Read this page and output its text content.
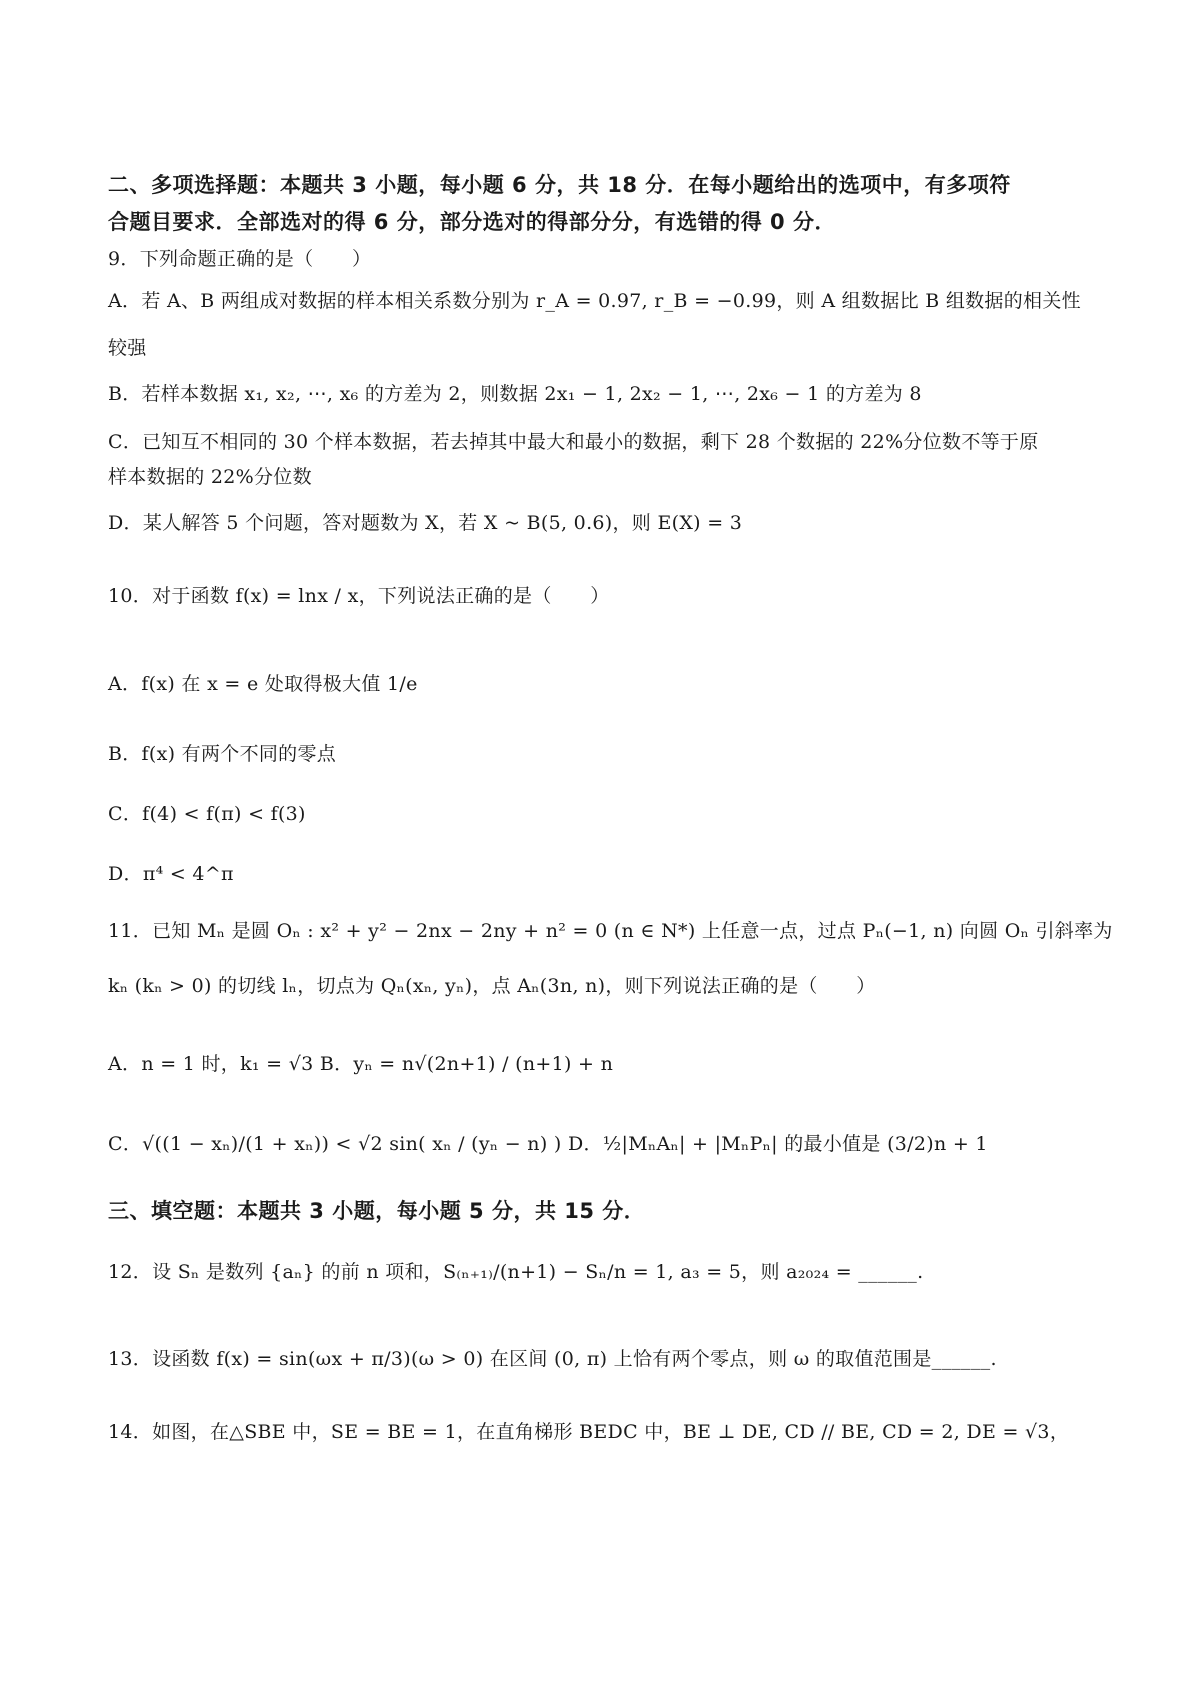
二、多项选择题：本题共 3 小题，每小题 6 分，共 18 分．在每小题给出的选项中，有多项符
合题目要求．全部选对的得 6 分，部分选对的得部分分，有选错的得 0 分．
9．下列命题正确的是（　　）
A．若 A、B 两组成对数据的样本相关系数分别为 r_A = 0.97, r_B = −0.99，则 A 组数据比 B 组数据的相关性
较强
B．若样本数据 x₁, x₂, ⋯, x₆ 的方差为 2，则数据 2x₁ − 1, 2x₂ − 1, ⋯, 2x₆ − 1 的方差为 8
C．已知互不相同的 30 个样本数据，若去掉其中最大和最小的数据，剩下 28 个数据的 22%分位数不等于原
样本数据的 22%分位数
D．某人解答 5 个问题，答对题数为 X，若 X ~ B(5, 0.6)，则 E(X) = 3
10．对于函数 f(x) = lnx / x，下列说法正确的是（　　）
A．f(x) 在 x = e 处取得极大值 1/e
B．f(x) 有两个不同的零点
C．f(4) < f(π) < f(3)
D．π⁴ < 4^π
11．已知 Mₙ 是圆 Oₙ : x² + y² − 2nx − 2ny + n² = 0 (n ∈ N*) 上任意一点，过点 Pₙ(−1, n) 向圆 Oₙ 引斜率为
kₙ (kₙ > 0) 的切线 lₙ，切点为 Qₙ(xₙ, yₙ)，点 Aₙ(3n, n)，则下列说法正确的是（　　）
A．n = 1 时，k₁ = √3 B．yₙ = n√(2n+1) / (n+1) + n
C．√((1 − xₙ)/(1 + xₙ)) < √2 sin( xₙ / (yₙ − n) ) D．½|MₙAₙ| + |MₙPₙ| 的最小值是 (3/2)n + 1
三、填空题：本题共 3 小题，每小题 5 分，共 15 分．
12．设 Sₙ 是数列 {aₙ} 的前 n 项和，S₍ₙ₊₁₎/(n+1) − Sₙ/n = 1, a₃ = 5，则 a₂₀₂₄ = ______.
13．设函数 f(x) = sin(ωx + π/3)(ω > 0) 在区间 (0, π) 上恰有两个零点，则 ω 的取值范围是______.
14．如图，在△SBE 中，SE = BE = 1，在直角梯形 BEDC 中，BE ⊥ DE, CD // BE, CD = 2, DE = √3，
